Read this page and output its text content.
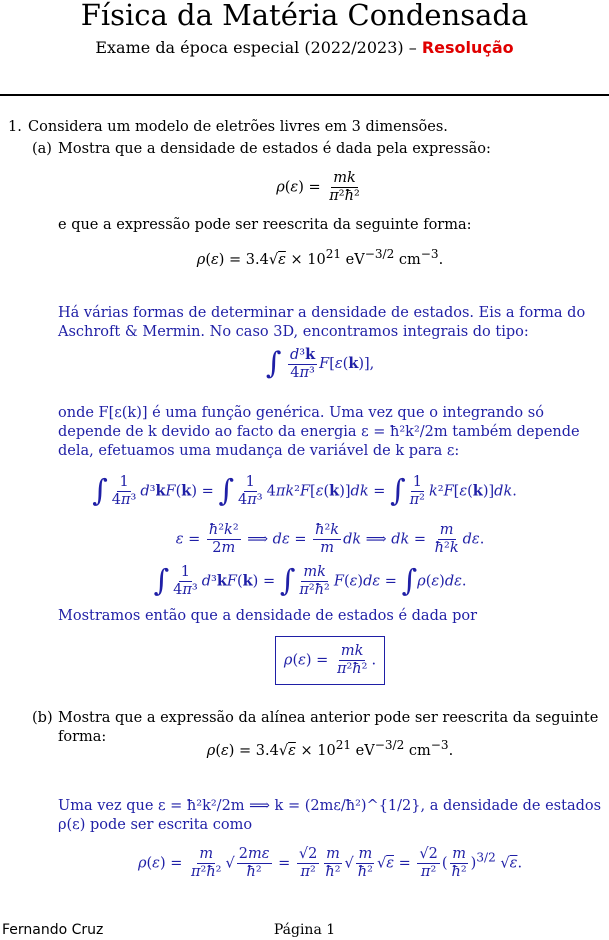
Física da Matéria Condensada
Exame da época especial (2022/2023) – Resolução
1. Considera um modelo de eletrões livres em 3 dimensões.
(a) Mostra que a densidade de estados é dada pela expressão:
$\rho(\varepsilon) = \frac{mk}{\text{π²ħ²}}$
e que a expressão pode ser reescrita da seguinte forma:
$\rho(\varepsilon) = 3.4√\varepsilon \times 10^{21}$ $eV^{-3/2}$ $cm^{-3}$.
Há várias formas de determinar a densidade de estados. Eis a forma do Aschroft & Mermin. No caso 3D, encontramos integrais do tipo:
∫ $\frac{\text{d³k}}{\text{4π³}} F[\varepsilon(k)]$,
onde F[ε(k)] é uma função genérica. Uma vez que o integrando só depende de k devido ao facto da energia ε = ħ²k²/2m também depende dela, efetuamos uma mudança de variável de k para ε:
∫ $\frac{1}{\text{4π³}} d^3kF(k)$ = ∫ $\frac{1}{\text{4π³}} 4\pi k^2F[\varepsilon(k)]dk$ = ∫ $\frac{1}{\text{π²}} k^2F[\varepsilon(k)]dk$.
$\varepsilon = \frac{\text{ħ²k²}}{2m}$ ⟹ $d\varepsilon = \frac{\text{ħ²k}}{m}$ dk ⟹ dk = $\frac{m}{\text{ħ²k}} d\varepsilon$.
∫ $\frac{1}{\text{4π³}} d^3kF(k)$ = ∫ $\frac{mk}{\text{π²ħ²}} F(\varepsilon)d\varepsilon = \int\rho(\varepsilon)d\varepsilon$.
Mostramos então que a densidade de estados é dada por
$\rho(\varepsilon) = \frac{mk}{\text{π²ħ²}}$ .
(b) Mostra que a expressão da alínea anterior pode ser reescrita da seguinte forma:
$\rho(\varepsilon) = 3.4√\varepsilon \times 10^{21}$ $eV^{-3/2}$ $cm^{-3}$.
Uma vez que ε = ħ²k²/2m ⟹ k = (2mε/ħ²)^{1/2}, a densidade de estados ρ(ε) pode ser escrita como
$\rho(\varepsilon) = \frac{m}{\text{π²ħ²}}$ √ $\frac{2m\varepsilon}{\text{ħ²}} = \frac{√2}{\text{π²}} \frac{m}{\text{ħ²}}$ √ $\frac{m}{\text{ħ²}} √\varepsilon = \frac{√2}{\text{π²}}$ ( $\frac{m}{\text{ħ²}} )^{3/2}$ √ε.
Fernando Cruz	Página 1
